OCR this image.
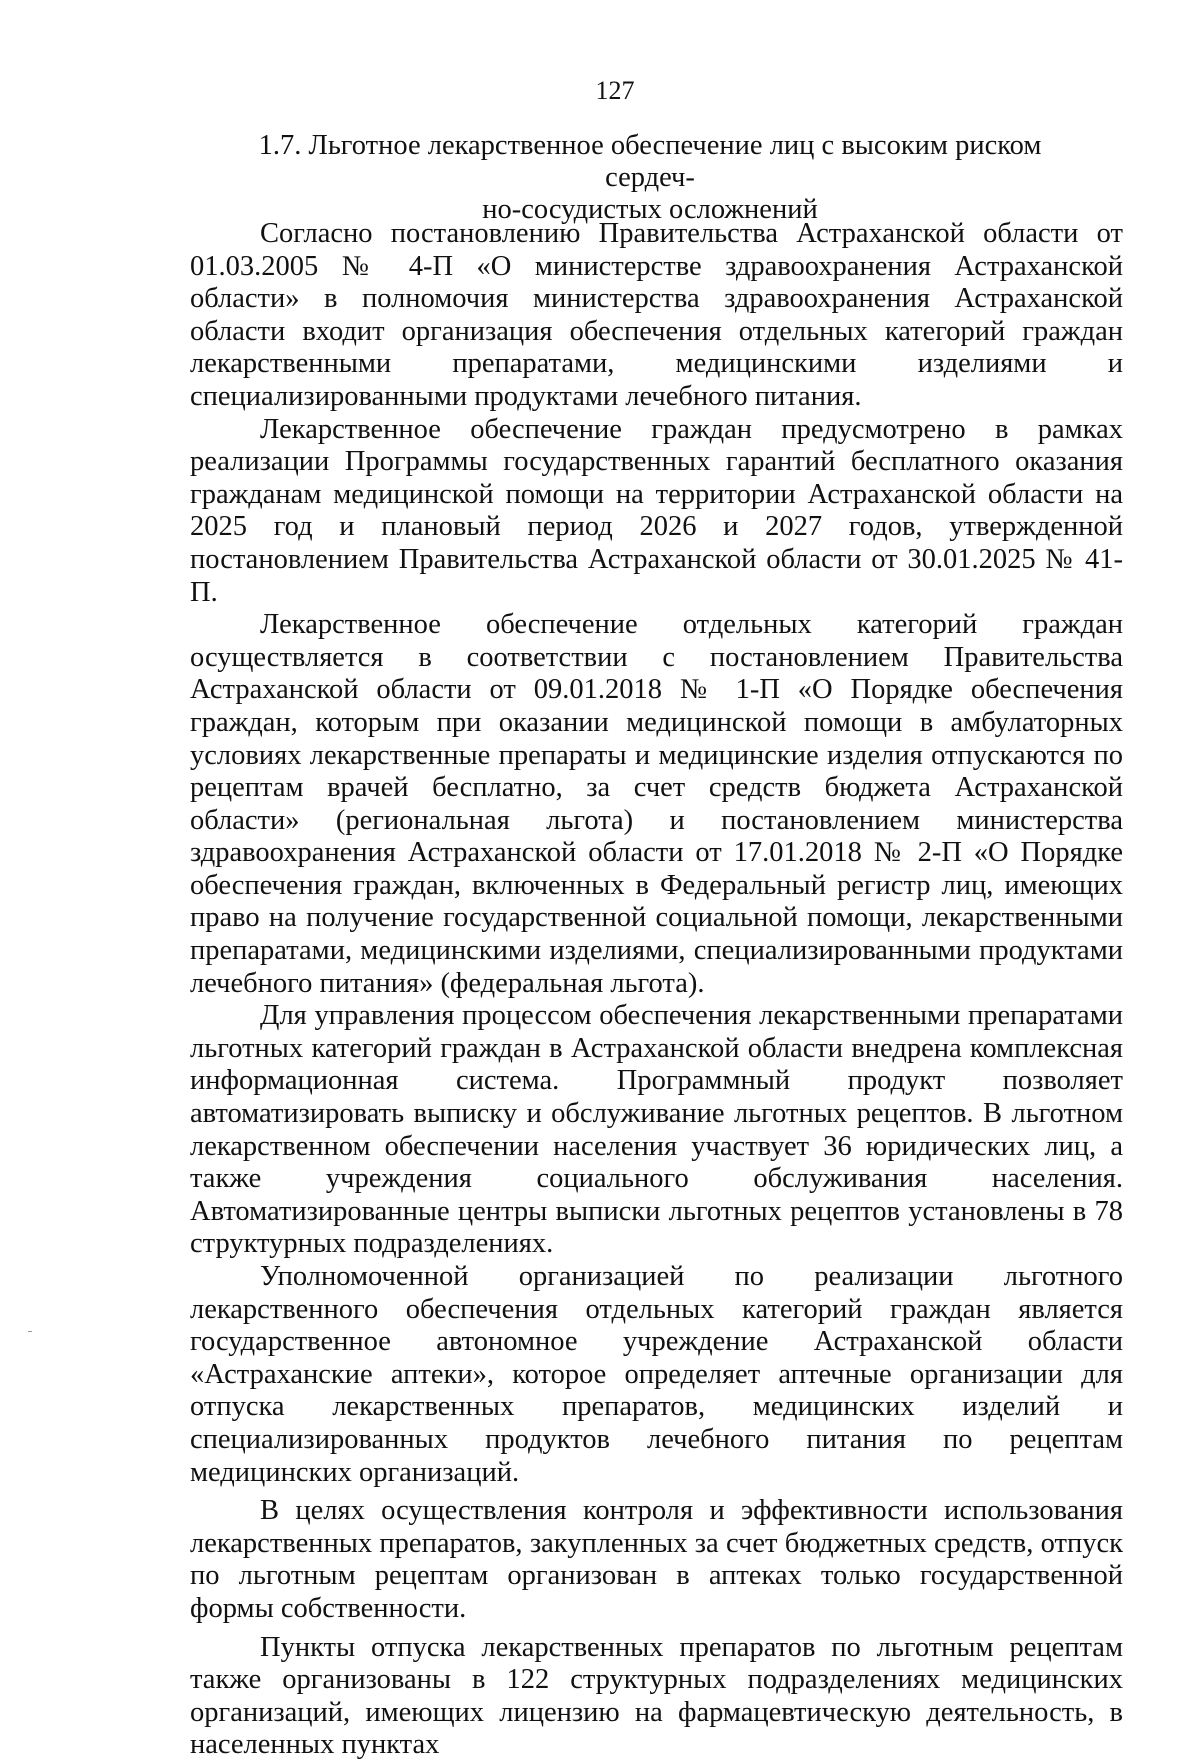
127
1.7. Льготное лекарственное обеспечение лиц с высоким риском сердеч-
но-сосудистых осложнений

Согласно постановлению Правительства Астраханской области от 01.03.2005 № 4-П «О министерстве здравоохранения Астраханской области» в полномочия министерства здравоохранения Астраханской области входит организация обеспечения отдельных категорий граждан лекарственными препаратами, медицинскими изделиями и специализированными продуктами лечебного питания.

Лекарственное обеспечение граждан предусмотрено в рамках реализации Программы государственных гарантий бесплатного оказания гражданам медицинской помощи на территории Астраханской области на 2025 год и плановый период 2026 и 2027 годов, утвержденной постановлением Правительства Астраханской области от 30.01.2025 № 41-П.

Лекарственное обеспечение отдельных категорий граждан осуществляется в соответствии с постановлением Правительства Астраханской области от 09.01.2018 № 1-П «О Порядке обеспечения граждан, которым при оказании медицинской помощи в амбулаторных условиях лекарственные препараты и медицинские изделия отпускаются по рецептам врачей бесплатно, за счет средств бюджета Астраханской области» (региональная льгота) и постановлением министерства здравоохранения Астраханской области от 17.01.2018 № 2-П «О Порядке обеспечения граждан, включенных в Федеральный регистр лиц, имеющих право на получение государственной социальной помощи, лекарственными препаратами, медицинскими изделиями, специализированными продуктами лечебного питания» (федеральная льгота).

Для управления процессом обеспечения лекарственными препаратами льготных категорий граждан в Астраханской области внедрена комплексная информационная система. Программный продукт позволяет автоматизировать выписку и обслуживание льготных рецептов. В льготном лекарственном обеспечении населения участвует 36 юридических лиц, а также учреждения социального обслуживания населения. Автоматизированные центры выписки льготных рецептов установлены в 78 структурных подразделениях.

Уполномоченной организацией по реализации льготного лекарственного обеспечения отдельных категорий граждан является государственное автономное учреждение Астраханской области «Астраханские аптеки», которое определяет аптечные организации для отпуска лекарственных препаратов, медицинских изделий и специализированных продуктов лечебного питания по рецептам медицинских организаций.

В целях осуществления контроля и эффективности использования лекарственных препаратов, закупленных за счет бюджетных средств, отпуск по льготным рецептам организован в аптеках только государственной формы собственности.

Пункты отпуска лекарственных препаратов по льготным рецептам также организованы в 122 структурных подразделениях медицинских организаций, имеющих лицензию на фармацевтическую деятельность, в населенных пунктах
